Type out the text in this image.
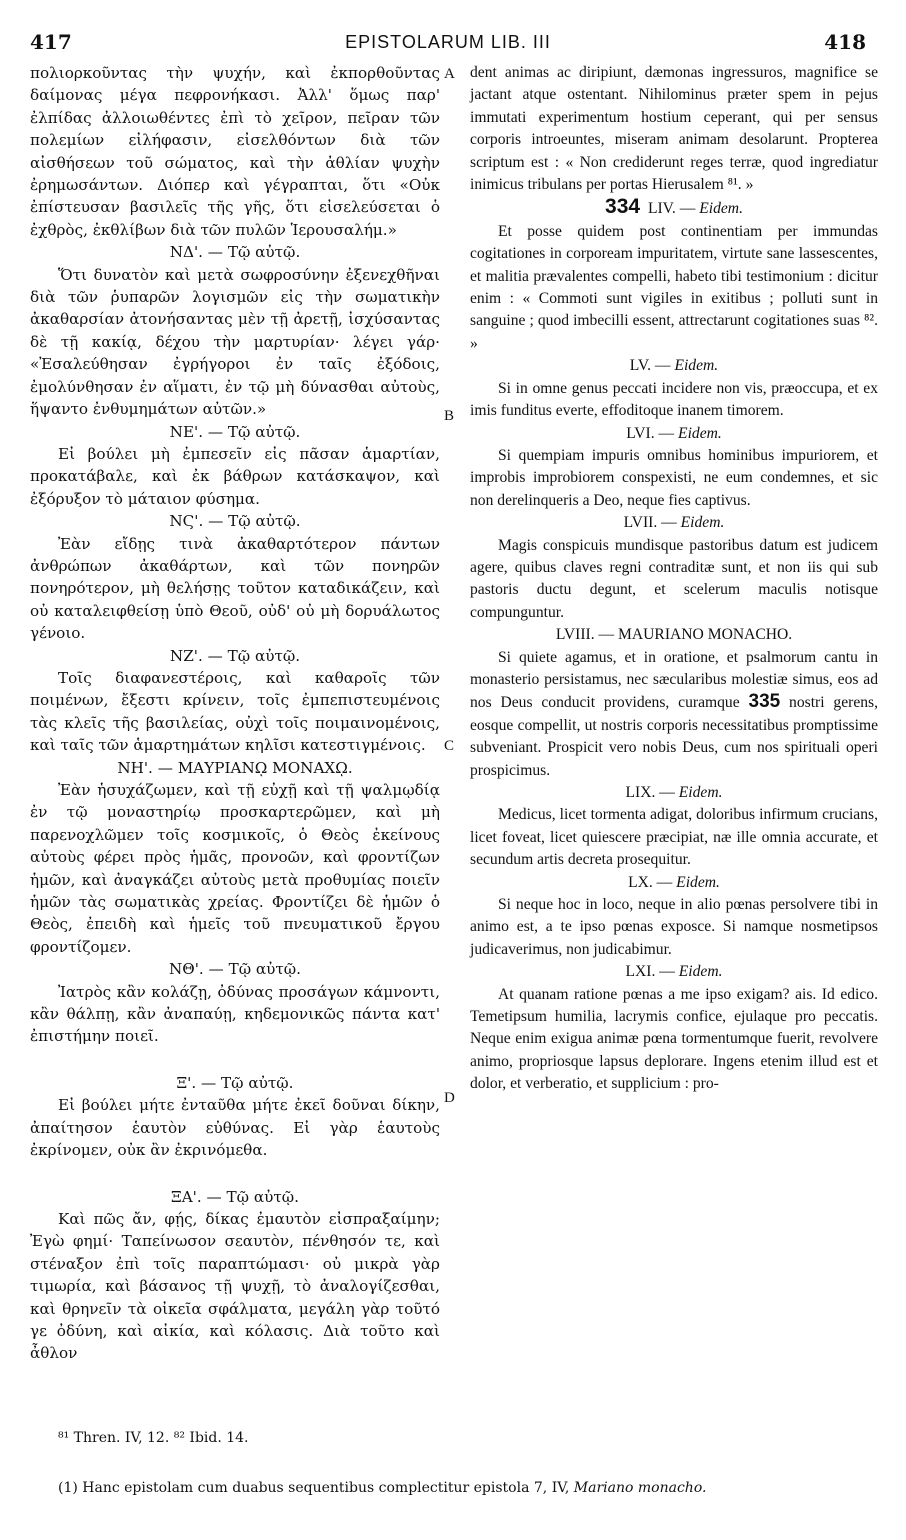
417	EPISTOLARUM LIB. III	418
A
B
C
D

πολιορκοῦντας τὴν ψυχήν, καὶ ἐκπορθοῦντας δαίμονας μέγα πεφρονήκασι. Ἀλλ' ὅμως παρ' ἐλπίδας ἀλλοιωθέντες ἐπὶ τὸ χεῖρον, πεῖραν τῶν πολεμίων εἰλήφασιν, εἰσελθόντων διὰ τῶν αἰσθήσεων τοῦ σώματος, καὶ τὴν ἀθλίαν ψυχὴν ἐρημωσάντων. Διόπερ καὶ γέγραπται, ὅτι «Οὐκ ἐπίστευσαν βασιλεῖς τῆς γῆς, ὅτι εἰσελεύσεται ὁ ἐχθρὸς, ἐκθλίβων διὰ τῶν πυλῶν Ἱερουσαλήμ.»

ΝΔ'. — Τῷ αὐτῷ.

Ὅτι δυνατὸν καὶ μετὰ σωφροσύνην ἐξενεχθῆναι διὰ τῶν ῥυπαρῶν λογισμῶν εἰς τὴν σωματικὴν ἀκαθαρσίαν ἀτονήσαντας μὲν τῇ ἀρετῇ, ἰσχύσαντας δὲ τῇ κακίᾳ, δέχου τὴν μαρτυρίαν· λέγει γάρ· «Ἐσαλεύθησαν ἐγρήγοροι ἐν ταῖς ἐξόδοις, ἐμολύνθησαν ἐν αἵματι, ἐν τῷ μὴ δύνασθαι αὐτοὺς, ἥψαντο ἐνθυμημάτων αὐτῶν.»

ΝΕ'. — Τῷ αὐτῷ.

Εἰ βούλει μὴ ἐμπεσεῖν εἰς πᾶσαν ἁμαρτίαν, προκατάβαλε, καὶ ἐκ βάθρων κατάσκαψον, καὶ ἐξόρυξον τὸ μάταιον φύσημα.

ΝϚ'. — Τῷ αὐτῷ.

Ἐὰν εἴδῃς τινὰ ἀκαθαρτότερον πάντων ἀνθρώπων ἀκαθάρτων, καὶ τῶν πονηρῶν πονηρότερον, μὴ θελήσῃς τοῦτον καταδικάζειν, καὶ οὐ καταλειφθείσῃ ὑπὸ Θεοῦ, οὐδ' οὐ μὴ δορυάλωτος γένοιο.

ΝΖ'. — Τῷ αὐτῷ.

Τοῖς διαφανεστέροις, καὶ καθαροῖς τῶν ποιμένων, ἔξεστι κρίνειν, τοῖς ἐμπεπιστευμένοις τὰς κλεῖς τῆς βασιλείας, οὐχὶ τοῖς ποιμαινομένοις, καὶ ταῖς τῶν ἁμαρτημάτων κηλῖσι κατεστιγμένοις.

ΝΗ'. — ΜΑΥΡΙΑΝῼ ΜΟΝΑΧῼ.

Ἐὰν ἡσυχάζωμεν, καὶ τῇ εὐχῇ καὶ τῇ ψαλμῳδίᾳ ἐν τῷ μοναστηρίῳ προσκαρτερῶμεν, καὶ μὴ παρενοχλῶμεν τοῖς κοσμικοῖς, ὁ Θεὸς ἐκείνους αὐτοὺς φέρει πρὸς ἡμᾶς, προνοῶν, καὶ φροντίζων ἡμῶν, καὶ ἀναγκάζει αὐτοὺς μετὰ προθυμίας ποιεῖν ἡμῶν τὰς σωματικὰς χρείας. Φροντίζει δὲ ἡμῶν ὁ Θεὸς, ἐπειδὴ καὶ ἡμεῖς τοῦ πνευματικοῦ ἔργου φροντίζομεν.

ΝΘ'. — Τῷ αὐτῷ.

Ἰατρὸς κἂν κολάζῃ, ὀδύνας προσάγων κάμνοντι, κἂν θάλπῃ, κἂν ἀναπαύῃ, κηδεμονικῶς πάντα κατ' ἐπιστήμην ποιεῖ.

Ξ'. — Τῷ αὐτῷ.

Εἰ βούλει μήτε ἐνταῦθα μήτε ἐκεῖ δοῦναι δίκην, ἀπαίτησον ἑαυτὸν εὐθύνας. Εἰ γὰρ ἑαυτοὺς ἐκρίνομεν, οὐκ ἂν ἐκρινόμεθα.

ΞΑ'. — Τῷ αὐτῷ.

Καὶ πῶς ἄν, φῄς, δίκας ἐμαυτὸν εἰσπραξαίμην; Ἐγὼ φημί· Ταπείνωσον σεαυτὸν, πένθησόν τε, καὶ στέναξον ἐπὶ τοῖς παραπτώμασι· οὐ μικρὰ γὰρ τιμωρία, καὶ βάσανος τῇ ψυχῇ, τὸ ἀναλογίζεσθαι, καὶ θρηνεῖν τὰ οἰκεῖα σφάλματα, μεγάλη γὰρ τοῦτό γε ὀδύνη, καὶ αἰκία, καὶ κόλασις. Διὰ τοῦτο καὶ ἆθλον

dent animas ac diripiunt, dæmonas ingressuros, magnifice se jactant atque ostentant. Nihilominus præter spem in pejus immutati experimentum hostium ceperant, qui per sensus corporis introeuntes, miseram animam desolarunt. Propterea scriptum est : « Non crediderunt reges terræ, quod ingrediatur inimicus tribulans per portas Hierusalem ⁸¹. »

334 LIV. — Eidem.

Et posse quidem post continentiam per immundas cogitationes in corpoream impuritatem, virtute sane lassescentes, et malitia prævalentes compelli, habeto tibi testimonium : dicitur enim : « Commoti sunt vigiles in exitibus ; polluti sunt in sanguine ; quod imbecilli essent, attrectarunt cogitationes suas ⁸². »

LV. — Eidem.

Si in omne genus peccati incidere non vis, præoccupa, et ex imis funditus everte, effoditoque inanem timorem.

LVI. — Eidem.

Si quempiam impuris omnibus hominibus impuriorem, et improbis improbiorem conspexisti, ne eum condemnes, et sic non derelinqueris a Deo, neque fies captivus.

LVII. — Eidem.

Magis conspicuis mundisque pastoribus datum est judicem agere, quibus claves regni contraditæ sunt, et non iis qui sub pastoris ductu degunt, et scelerum maculis notisque compunguntur.

LVIII. — MAURIANO MONACHO.

Si quiete agamus, et in oratione, et psalmorum cantu in monasterio persistamus, nec sæcularibus molestiæ simus, eos ad nos Deus conducit providens, curamque 335 nostri gerens, eosque compellit, ut nostris corporis necessitatibus promptissime subveniant. Prospicit vero nobis Deus, cum nos spirituali operi prospicimus.

LIX. — Eidem.

Medicus, licet tormenta adigat, doloribus infirmum crucians, licet foveat, licet quiescere præcipiat, næ ille omnia accurate, et secundum artis decreta prosequitur.

LX. — Eidem.

Si neque hoc in loco, neque in alio pœnas persolvere tibi in animo est, a te ipso pœnas exposce. Si namque nosmetipsos judicaverimus, non judicabimur.

LXI. — Eidem.

At quanam ratione pœnas a me ipso exigam? ais. Id edico. Temetipsum humilia, lacrymis confice, ejulaque pro peccatis. Neque enim exigua animæ pœna tormentumque fuerit, revolvere animo, propriosque lapsus deplorare. Ingens etenim illud est et dolor, et verberatio, et supplicium : pro-

⁸¹ Thren. IV, 12. ⁸² Ibid. 14.
(1) Hanc epistolam cum duabus sequentibus complectitur epistola 7, IV, Mariano monacho.
